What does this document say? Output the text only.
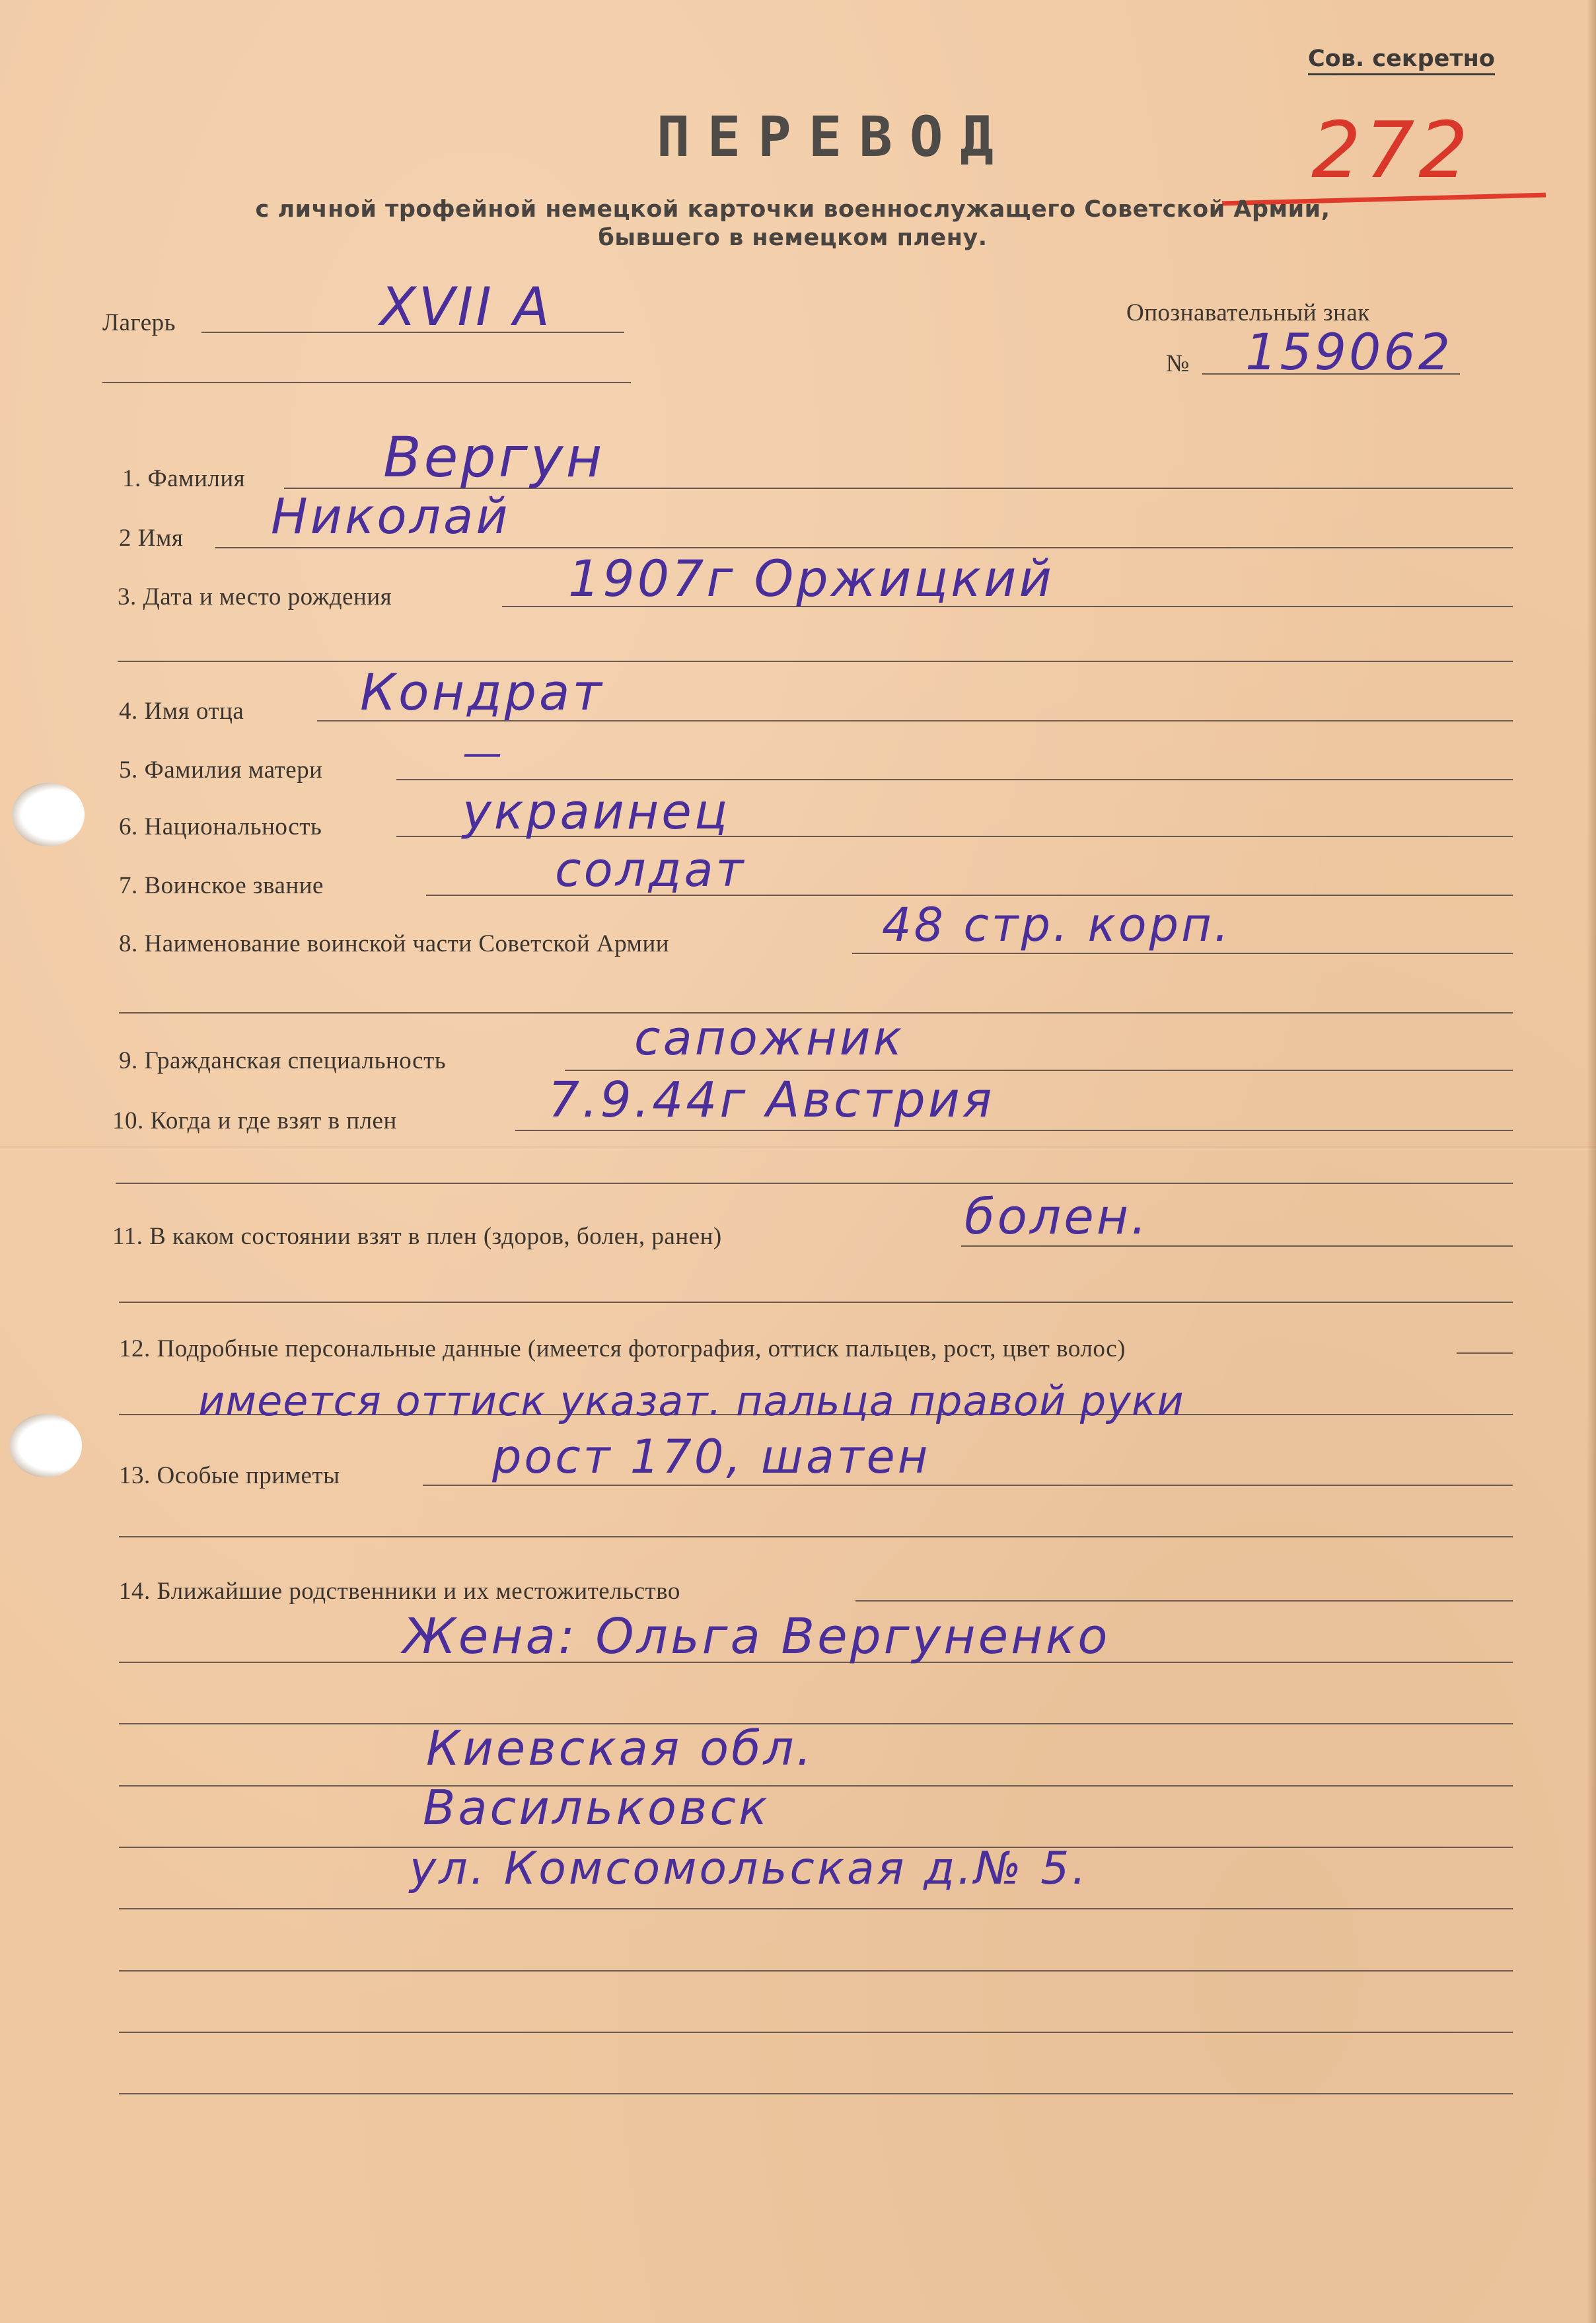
Сов. секретно
272
ПЕРЕВОД
с личной трофейной немецкой карточки военнослужащего Советской Армии,
бывшего в немецком плену.
Лагерь	XVII A	Опознавательный знак
№ 159062
1. Фамилия Вергун
2 Имя Николай
3. Дата и место рождения	1907г Оржицкий
4. Имя отца Кондрат
5. Фамилия матери	—
6. Национальность	украинец
7. Воинское звание	солдат
8. Наименование воинской части Советской Армии	48 стр. корп.
9. Гражданская специальность	сапожник
10. Когда и где взят в плен	7.9.44г Австрия
11. В каком состоянии взят в плен (здоров, болен, ранен)	болен.
12. Подробные персональные данные (имеется фотография, оттиск пальцев, рост, цвет волос)
имеется оттиск указат. пальца правой руки
13. Особые приметы	рост 170, шатен
14. Ближайшие родственники и их местожительство
Жена: Ольга Вергуненко
Киевская обл.
Васильковск
ул. Комсомольская д.№ 5.
